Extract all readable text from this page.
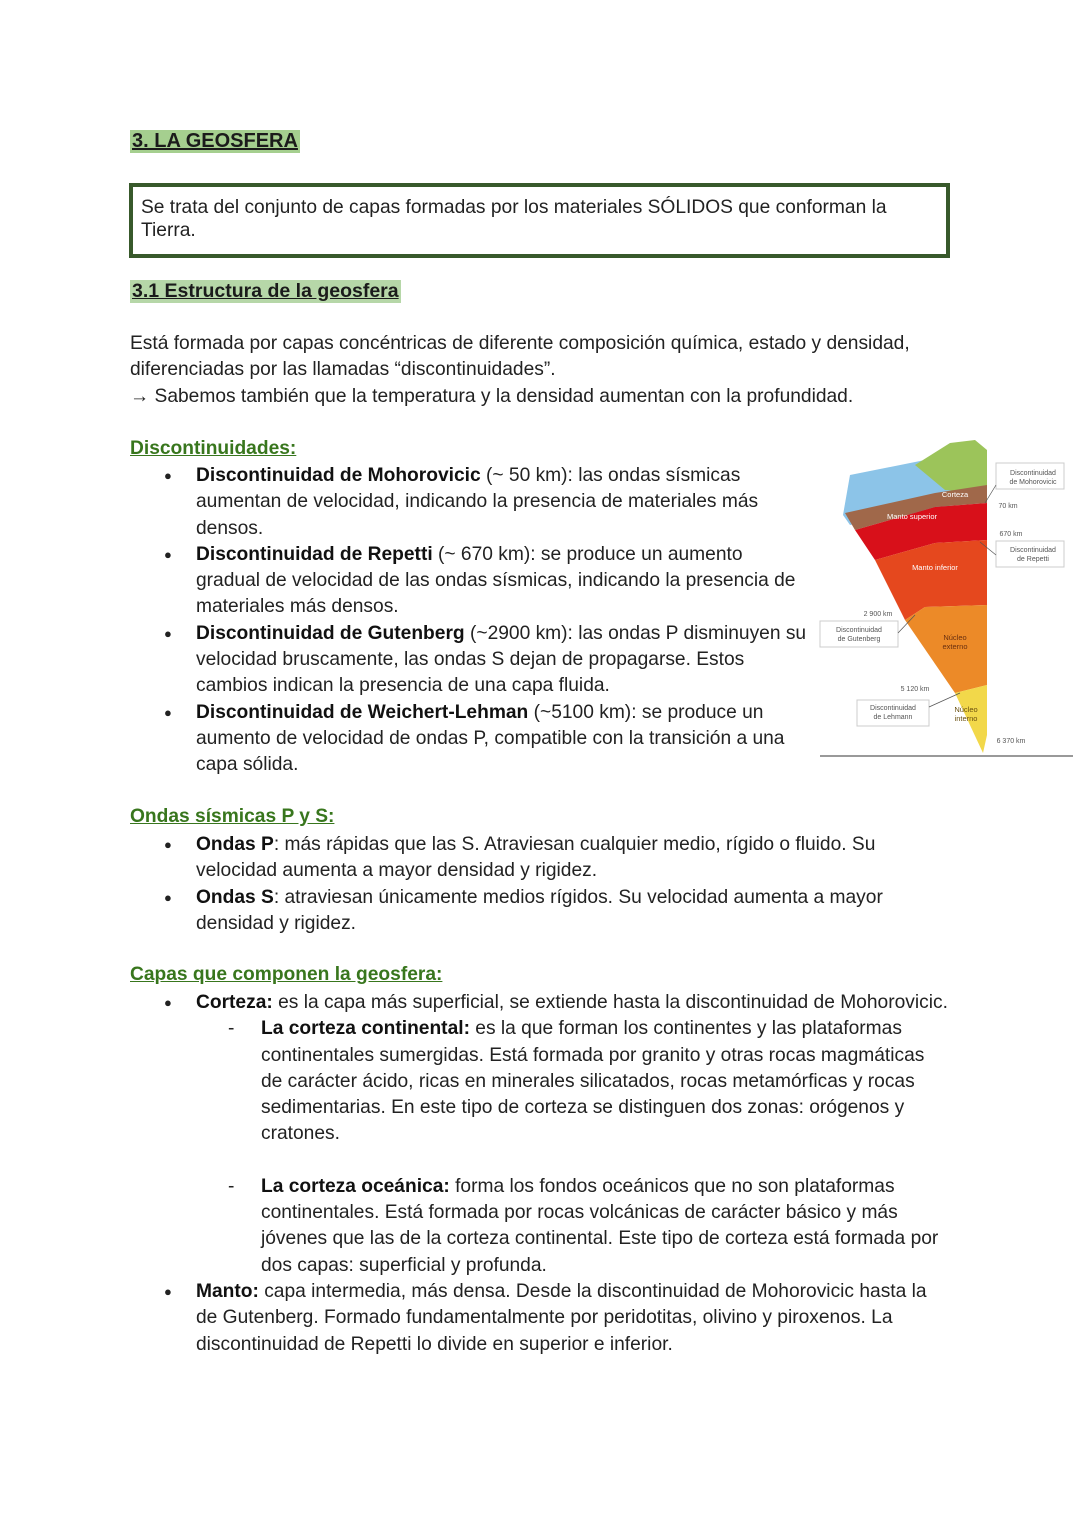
3. LA GEOSFERA
Se trata del conjunto de capas formadas por los materiales SÓLIDOS que conforman la Tierra.
3.1 Estructura de la geosfera
Está formada por capas concéntricas de diferente composición química, estado y densidad, diferenciadas por las llamadas “discontinuidades”.
→ Sabemos también que la temperatura y la densidad aumentan con la profundidad.
Discontinuidades:
● Discontinuidad de Mohorovicic (~ 50 km): las ondas sísmicas aumentan de velocidad, indicando la presencia de materiales más densos.
● Discontinuidad de Repetti (~ 670 km): se produce un aumento gradual de velocidad de las ondas sísmicas, indicando la presencia de materiales más densos.
● Discontinuidad de Gutenberg (~2900 km): las ondas P disminuyen su velocidad bruscamente, las ondas S dejan de propagarse. Estos cambios indican la presencia de una capa fluida.
● Discontinuidad de Weichert-Lehman (~5100 km): se produce un aumento de velocidad de ondas P, compatible con la transición a una capa sólida.
Corteza
Manto superior
Manto inferior
Núcleo
externo
Núcleo
interno
Discontinuidad
de Mohorovicic
Discontinuidad
de Repetti
Discontinuidad
de Gutenberg
Discontinuidad
de Lehmann
70 km
670 km
2 900 km
5 120 km
6 370 km
Ondas sísmicas P y S:
● Ondas P: más rápidas que las S. Atraviesan cualquier medio, rígido o fluido. Su velocidad aumenta a mayor densidad y rigidez.
● Ondas S: atraviesan únicamente medios rígidos. Su velocidad aumenta a mayor densidad y rigidez.
Capas que componen la geosfera:
● Corteza: es la capa más superficial, se extiende hasta la discontinuidad de Mohorovicic.
- La corteza continental: es la que forman los continentes y las plataformas continentales sumergidas. Está formada por granito y otras rocas magmáticas de carácter ácido, ricas en minerales silicatados, rocas metamórficas y rocas sedimentarias. En este tipo de corteza se distinguen dos zonas: orógenos y cratones.
- La corteza oceánica: forma los fondos oceánicos que no son plataformas continentales. Está formada por rocas volcánicas de carácter básico y más jóvenes que las de la corteza continental. Este tipo de corteza está formada por dos capas: superficial y profunda.
● Manto: capa intermedia, más densa. Desde la discontinuidad de Mohorovicic hasta la de Gutenberg. Formado fundamentalmente por peridotitas, olivino y piroxenos. La discontinuidad de Repetti lo divide en superior e inferior.
